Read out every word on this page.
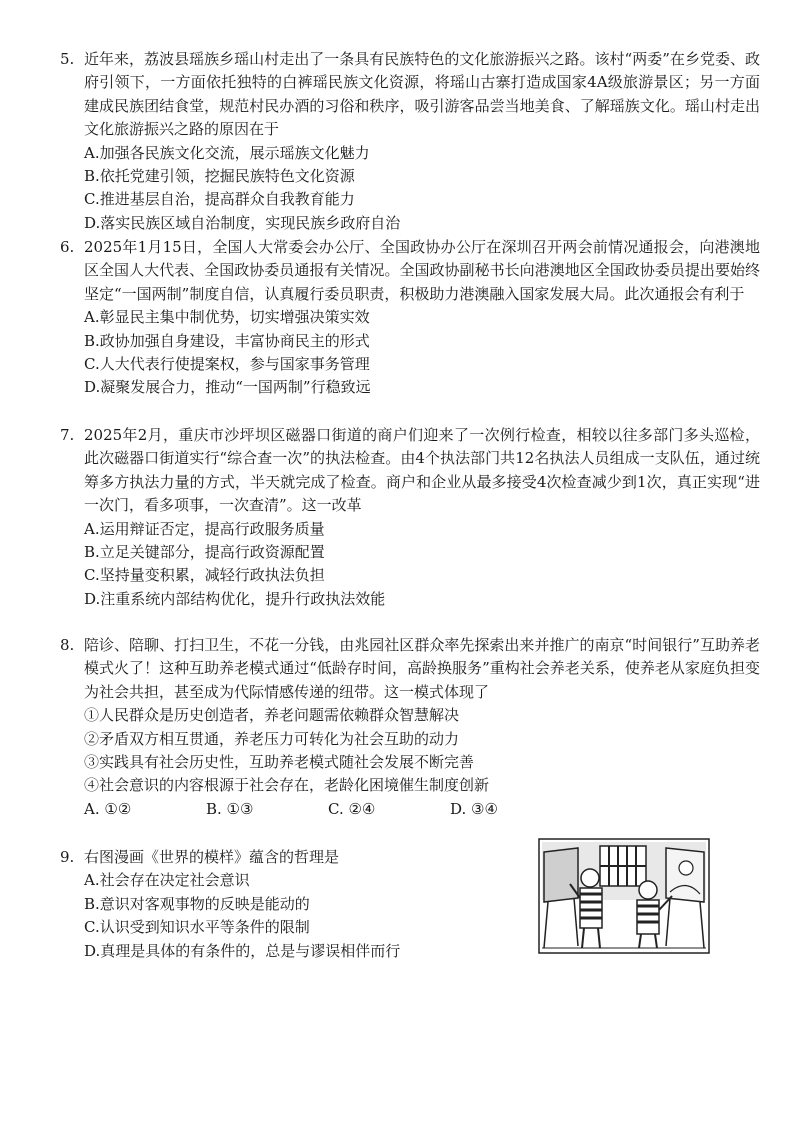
5. 近年来，荔波县瑶族乡瑶山村走出了一条具有民族特色的文化旅游振兴之路。该村“两委”在乡党委、政府引领下，一方面依托独特的白裤瑶民族文化资源，将瑶山古寨打造成国家4A级旅游景区；另一方面建成民族团结食堂，规范村民办酒的习俗和秩序，吸引游客品尝当地美食、了解瑶族文化。瑶山村走出文化旅游振兴之路的原因在于
A.加强各民族文化交流，展示瑶族文化魅力
B.依托党建引领，挖掘民族特色文化资源
C.推进基层自治，提高群众自我教育能力
D.落实民族区域自治制度，实现民族乡政府自治
6. 2025年1月15日，全国人大常委会办公厅、全国政协办公厅在深圳召开两会前情况通报会，向港澳地区全国人大代表、全国政协委员通报有关情况。全国政协副秘书长向港澳地区全国政协委员提出要始终坚定“一国两制”制度自信，认真履行委员职责，积极助力港澳融入国家发展大局。此次通报会有利于
A.彰显民主集中制优势，切实增强决策实效
B.政协加强自身建设，丰富协商民主的形式
C.人大代表行使提案权，参与国家事务管理
D.凝聚发展合力，推动“一国两制”行稳致远
7. 2025年2月，重庆市沙坪坝区磁器口街道的商户们迎来了一次例行检查，相较以往多部门多头巡检，此次磁器口街道实行“综合查一次”的执法检查。由4个执法部门共12名执法人员组成一支队伍，通过统筹多方执法力量的方式，半天就完成了检查。商户和企业从最多接受4次检查减少到1次，真正实现“进一次门，看多项事，一次查清”。这一改革
A.运用辩证否定，提高行政服务质量
B.立足关键部分，提高行政资源配置
C.坚持量变积累，减轻行政执法负担
D.注重系统内部结构优化，提升行政执法效能
8. 陪诊、陪聊、打扫卫生，不花一分钱，由兆园社区群众率先探索出来并推广的南京“时间银行”互助养老模式火了！这种互助养老模式通过“低龄存时间，高龄换服务”重构社会养老关系，使养老从家庭负担变为社会共担，甚至成为代际情感传递的纽带。这一模式体现了
①人民群众是历史创造者，养老问题需依赖群众智慧解决
②矛盾双方相互贯通，养老压力可转化为社会互助的动力
③实践具有社会历史性，互助养老模式随社会发展不断完善
④社会意识的内容根源于社会存在，老龄化困境催生制度创新
A. ①②	B. ①③	C. ②④	D. ③④
9. 右图漫画《世界的模样》蕴含的哲理是
A.社会存在决定社会意识
B.意识对客观事物的反映是能动的
C.认识受到知识水平等条件的限制
D.真理是具体的有条件的，总是与谬误相伴而行
